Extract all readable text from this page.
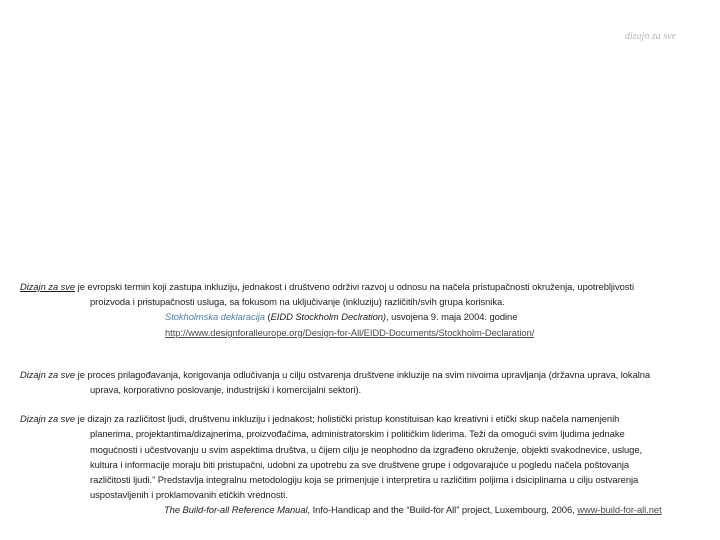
dizajn za sve

Dizajn za sve je evropski termin koji zastupa inkluziju, jednakost i društveno održivi razvoj u odnosu na načela pristupačnosti okruženja, upotrebljivosti
proizvoda i pristupačnosti usluga, sa fokusom na uključivanje (inkluziju) različitih/svih grupa korisnika.
Stokholmska deklaracija (EIDD Stockholm Declration), usvojena 9. maja 2004. godine
http://www.designforalleurope.org/Design-for-All/EIDD-Documents/Stockholm-Declaration/

Dizajn za sve je proces prilagođavanja, korigovanja odlučivanja u cilju ostvarenja društvene inkluzije na svim nivoima upravljanja (državna uprava, lokalna
uprava, korporativno poslovanje, industrijski i komercijalni sektori).

Dizajn za sve je dizajn za različitost ljudi, društvenu inkluziju i jednakost; holistički pristup konstituisan kao kreativni i etički skup načela namenjenih
planerima, projektantima/dizajnerima, proizvođačima, administratorskim i političkim liderima. Teži da omogući svim ljudima jednake
mogućnosti i učestvovanju u svim aspektima društva, u čijem cilju je neophodno da izgrađeno okruženje, objekti svakodnevice, usluge,
kultura i informacije moraju biti pristupačni, udobni za upotrebu za sve društvene grupe i odgovarajuće u pogledu načela poštovanja
različitosti ljudi.” Predstavlja integralnu metodologiju koja se primenjuje i interpretira u različitim poljima i dsiciplinama u cilju ostvarenja
uspostavljenih i proklamovanih etičkih vrednosti.
The Build-for-all Reference Manual, Info-Handicap and the “Build-for All” project, Luxembourg, 2006, www-build-for-all.net
